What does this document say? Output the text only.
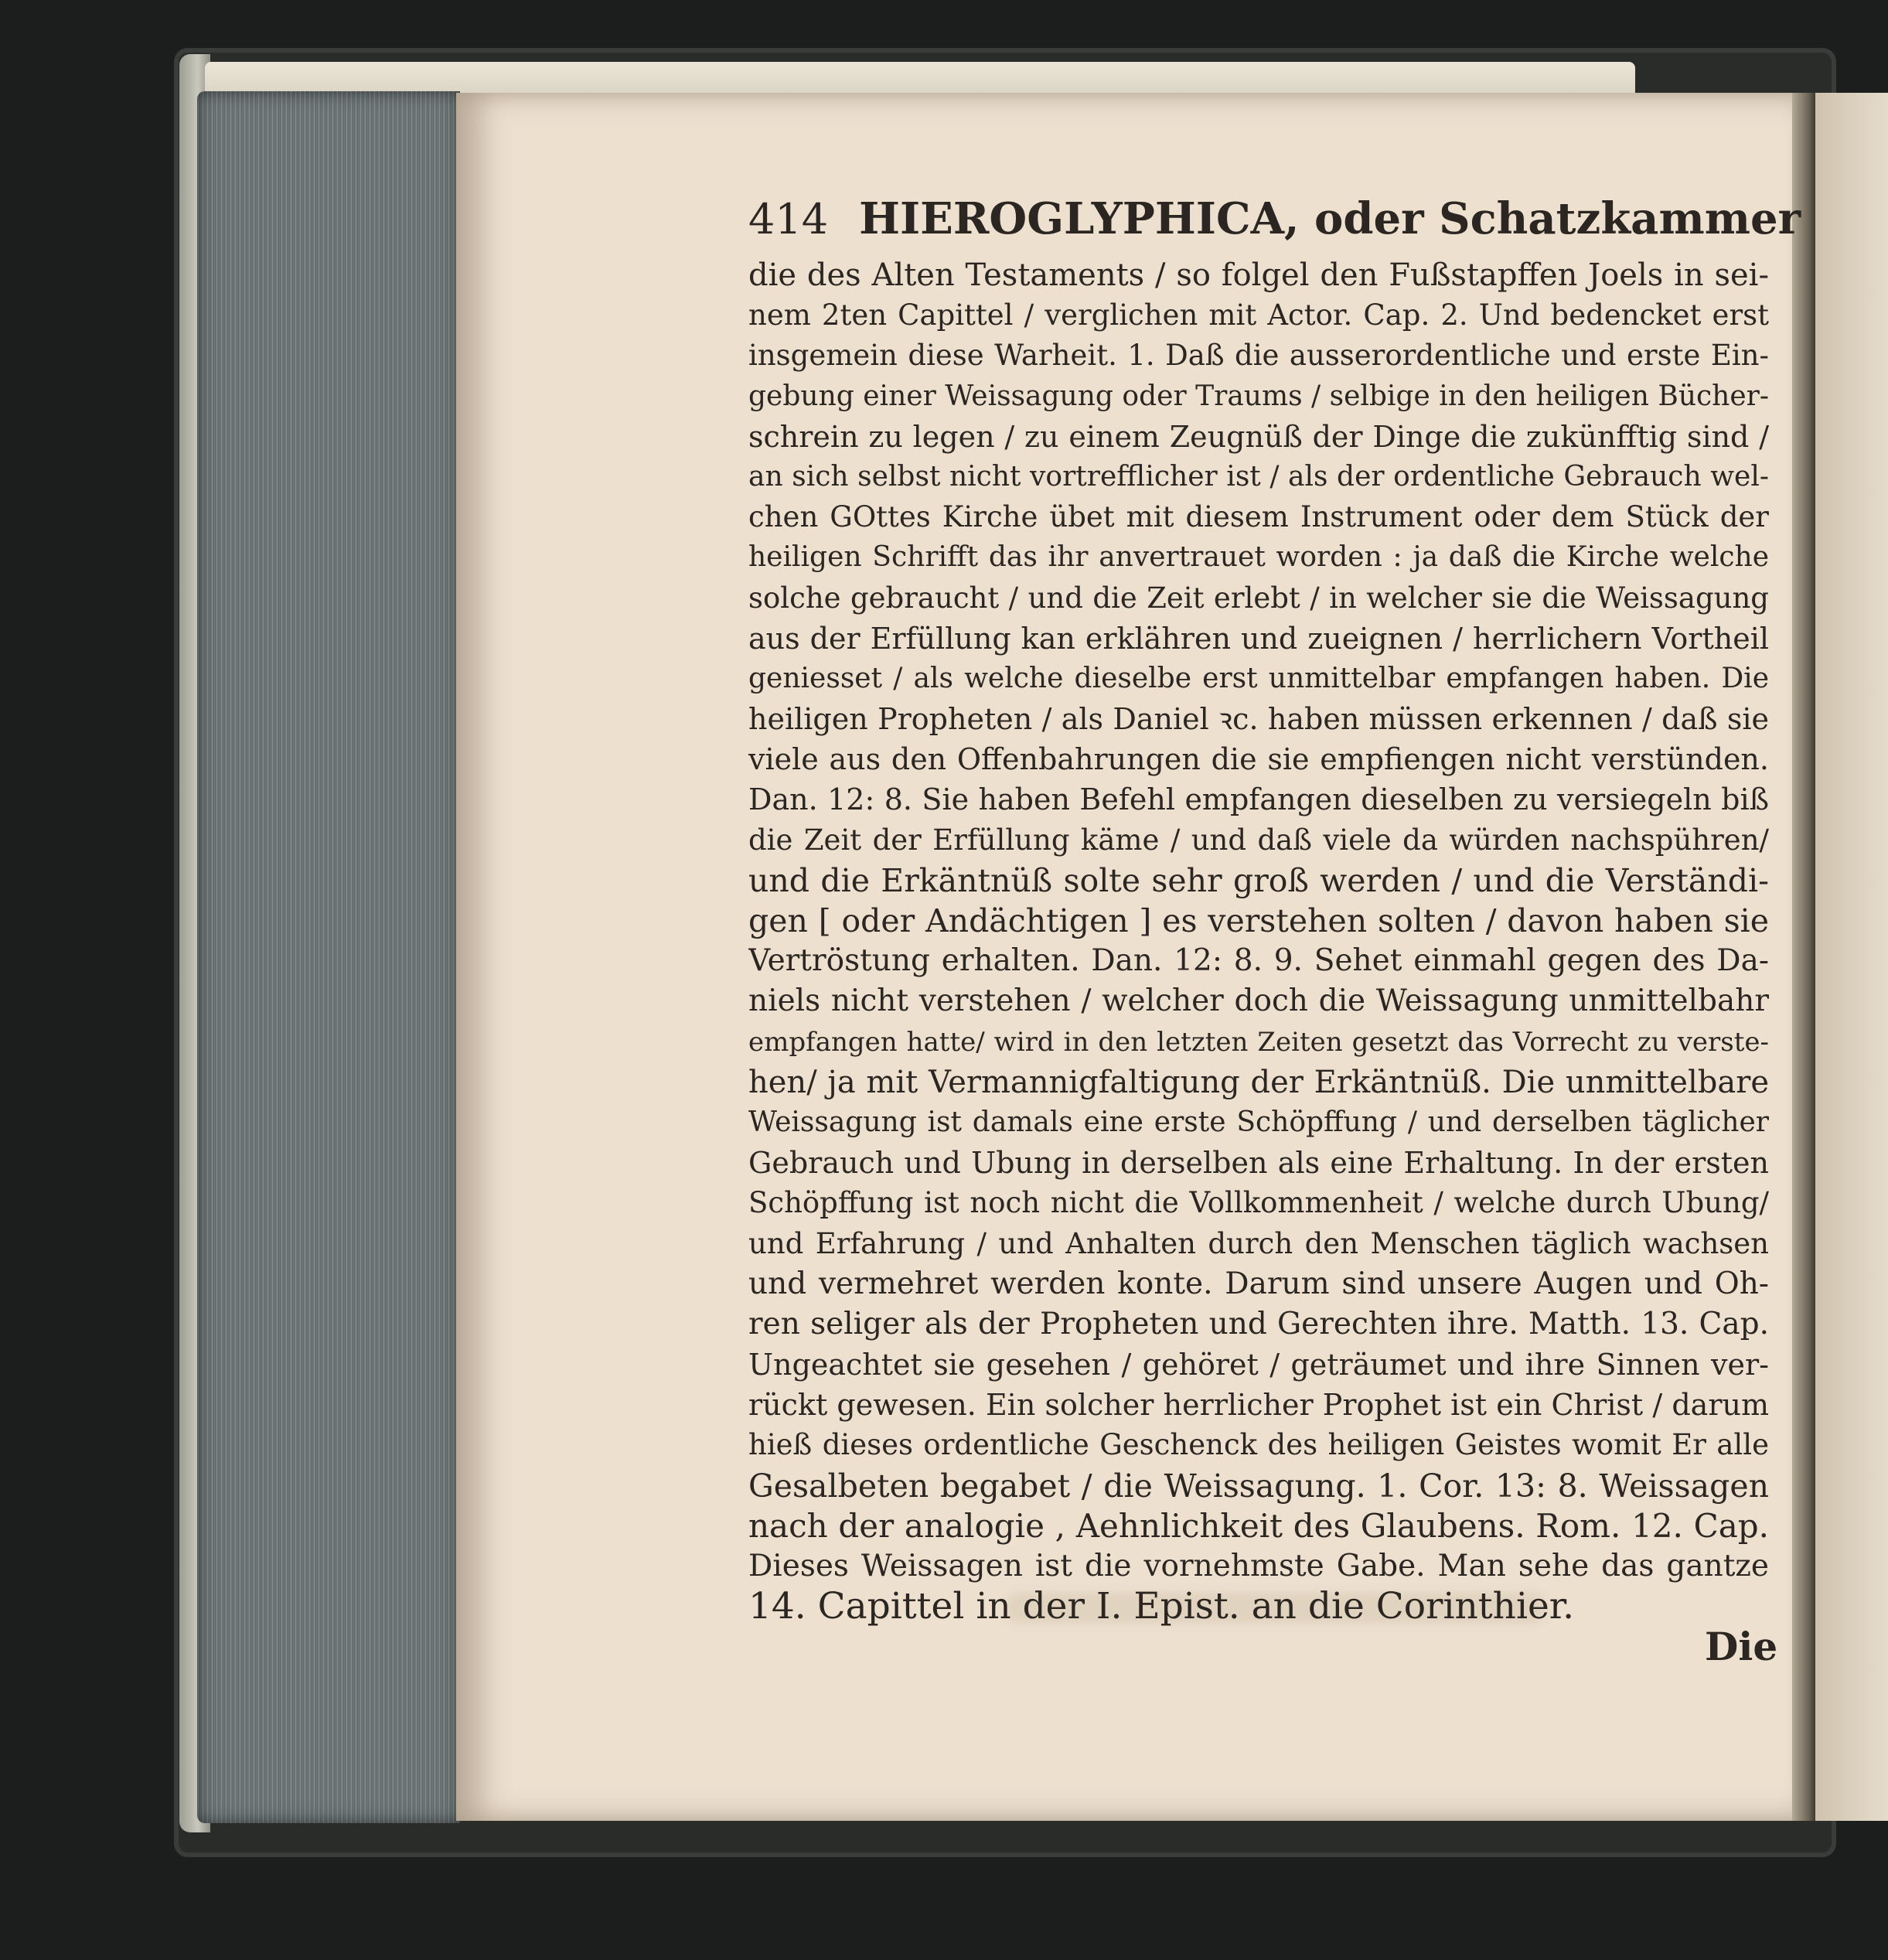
414 HIEROGLYPHICA, oder Schatzkammer
die des Alten Testaments / so folgel den Fußstapffen Joels in sei-
nem 2ten Capittel / verglichen mit Actor. Cap. 2. Und bedencket erst
insgemein diese Warheit. 1. Daß die ausserordentliche und erste Ein-
gebung einer Weissagung oder Traums / selbige in den heiligen Bücher-
schrein zu legen / zu einem Zeugnüß der Dinge die zukünfftig sind /
an sich selbst nicht vortrefflicher ist / als der ordentliche Gebrauch wel-
chen GOttes Kirche übet mit diesem Instrument oder dem Stück der
heiligen Schrifft das ihr anvertrauet worden : ja daß die Kirche welche
solche gebraucht / und die Zeit erlebt / in welcher sie die Weissagung
aus der Erfüllung kan erklähren und zueignen / herrlichern Vortheil
geniesset / als welche dieselbe erst unmittelbar empfangen haben. Die
heiligen Propheten / als Daniel ꝛc. haben müssen erkennen / daß sie
viele aus den Offenbahrungen die sie empfiengen nicht verstünden.
Dan. 12: 8. Sie haben Befehl empfangen dieselben zu versiegeln biß
die Zeit der Erfüllung käme / und daß viele da würden nachspühren/
und die Erkäntnüß solte sehr groß werden / und die Verständi-
gen [ oder Andächtigen ] es verstehen solten / davon haben sie
Vertröstung erhalten. Dan. 12: 8. 9. Sehet einmahl gegen des Da-
niels nicht verstehen / welcher doch die Weissagung unmittelbahr
empfangen hatte/ wird in den letzten Zeiten gesetzt das Vorrecht zu verste-
hen/ ja mit Vermannigfaltigung der Erkäntnüß. Die unmittelbare
Weissagung ist damals eine erste Schöpffung / und derselben täglicher
Gebrauch und Ubung in derselben als eine Erhaltung. In der ersten
Schöpffung ist noch nicht die Vollkommenheit / welche durch Ubung/
und Erfahrung / und Anhalten durch den Menschen täglich wachsen
und vermehret werden konte. Darum sind unsere Augen und Oh-
ren seliger als der Propheten und Gerechten ihre. Matth. 13. Cap.
Ungeachtet sie gesehen / gehöret / geträumet und ihre Sinnen ver-
rückt gewesen. Ein solcher herrlicher Prophet ist ein Christ / darum
hieß dieses ordentliche Geschenck des heiligen Geistes womit Er alle
Gesalbeten begabet / die Weissagung. 1. Cor. 13: 8. Weissagen
nach der analogie , Aehnlichkeit des Glaubens. Rom. 12. Cap.
Dieses Weissagen ist die vornehmste Gabe. Man sehe das gantze
14. Capittel in der I. Epist. an die Corinthier.
Die
